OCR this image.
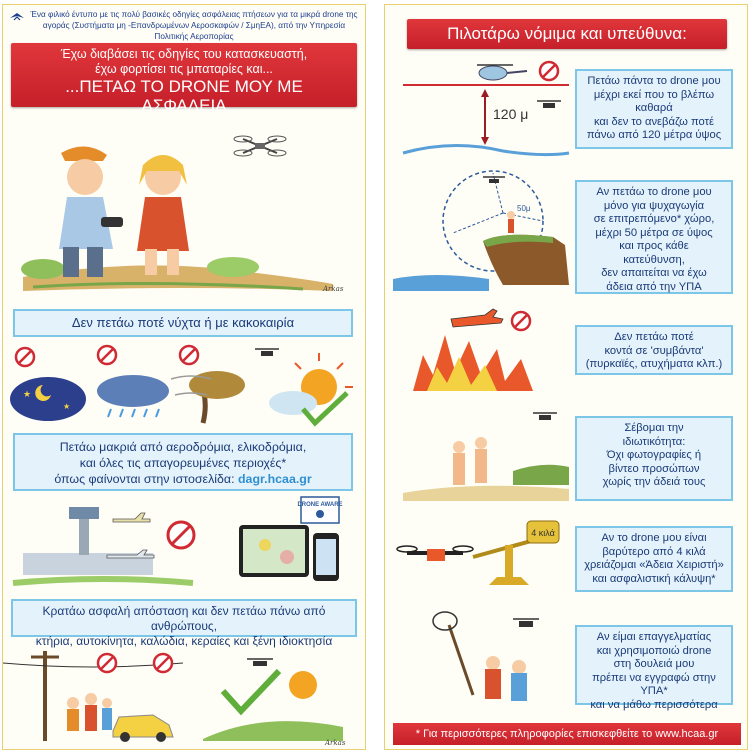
Ένα φιλικό έντυπο με τις πολύ βασικές οδηγίες ασφάλειας πτήσεων για τα μικρά drone της αγοράς (Συστήματα μη -Επανδρωμένων Αεροσκαφών / ΣμηΕΑ), από την Υπηρεσία Πολιτικής Αεροπορίας
Έχω διαβάσει τις οδηγίες του κατασκευαστή,
έχω φορτίσει τις μπαταρίες και...
...ΠΕΤΑΩ ΤΟ DRONE ΜΟΥ ΜΕ
ΑΣΦΑΛΕΙΑ
Arkas
Δεν πετάω ποτέ νύχτα ή με κακοκαιρία
★
★
Πετάω μακριά από αεροδρόμια, ελικοδρόμια,
και όλες τις απαγορευμένες περιοχές*
όπως φαίνονται στην ιστοσελίδα: dagr.hcaa.gr
DRONE AWARE
Κρατάω ασφαλή απόσταση και δεν πετάω πάνω από ανθρώπους,
κτήρια, αυτοκίνητα, καλώδια, κεραίες και ξένη ιδιοκτησία
Arkas
Πιλοτάρω νόμιμα και υπεύθυνα:
120 μ
Πετάω πάντα το drone μου
μέχρι εκεί που το βλέπω
καθαρά
και δεν το ανεβάζω ποτέ
πάνω από 120 μέτρα ύψος
50μ
Αν πετάω το drone μου
μόνο για ψυχαγωγία
σε επιτρεπόμενο* χώρο,
μέχρι 50 μέτρα σε ύψος
και προς κάθε
κατεύθυνση,
δεν απαιτείται να έχω
άδεια από την ΥΠΑ
Δεν πετάω ποτέ
κοντά σε 'συμβάντα'
(πυρκαϊές, ατυχήματα κλπ.)
Σέβομαι την
ιδιωτικότητα:
Όχι φωτογραφίες ή
βίντεο προσώπων
χωρίς την άδειά τους
4 κιλά	Αν το drone μου είναι
βαρύτερο από 4 κιλά
χρειάζομαι «Άδεια Χειριστή»
και ασφαλιστική κάλυψη*
Αν είμαι επαγγελματίας
και χρησιμοποιώ drone
στη δουλειά μου
πρέπει να εγγραφώ στην ΥΠΑ*
και να μάθω περισσότερα
* Για περισσότερες πληροφορίες επισκεφθείτε το www.hcaa.gr
